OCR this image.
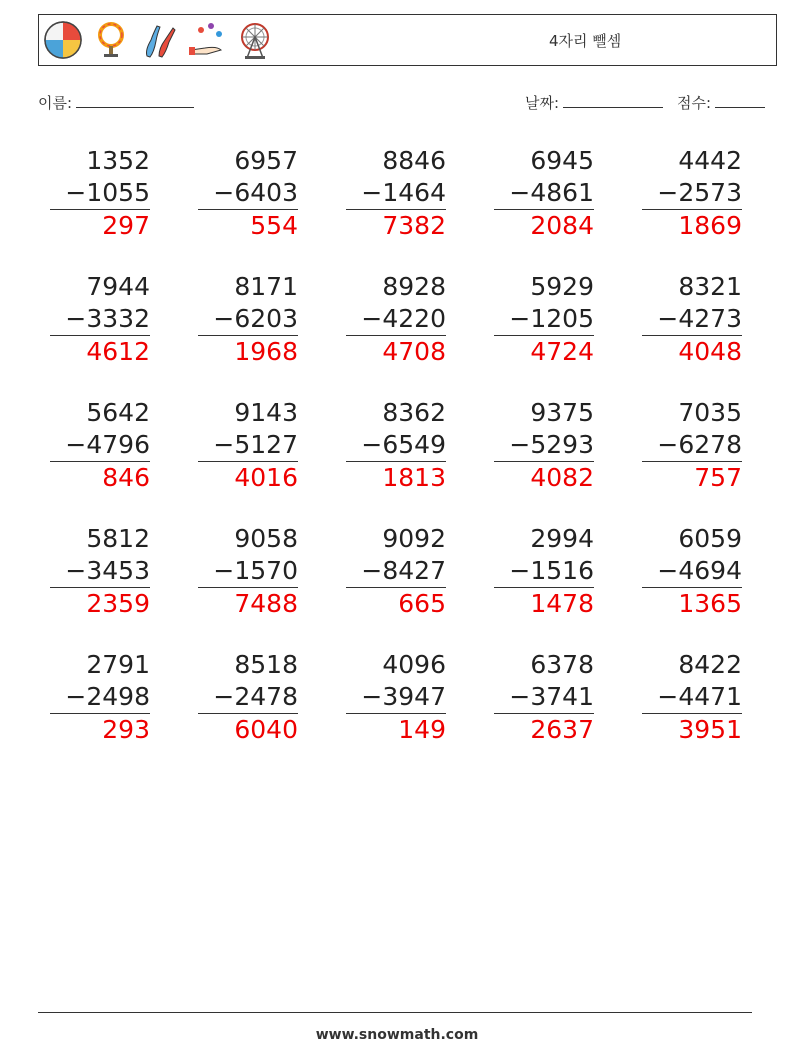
4자리 뺄셈
이름:	날짜:	점수:
1352
−1055
297
6957
−6403
554
8846
−1464
7382
6945
−4861
2084
4442
−2573
1869
7944
−3332
4612
8171
−6203
1968
8928
−4220
4708
5929
−1205
4724
8321
−4273
4048
5642
−4796
846
9143
−5127
4016
8362
−6549
1813
9375
−5293
4082
7035
−6278
757
5812
−3453
2359
9058
−1570
7488
9092
−8427
665
2994
−1516
1478
6059
−4694
1365
2791
−2498
293
8518
−2478
6040
4096
−3947
149
6378
−3741
2637
8422
−4471
3951
www.snowmath.com
